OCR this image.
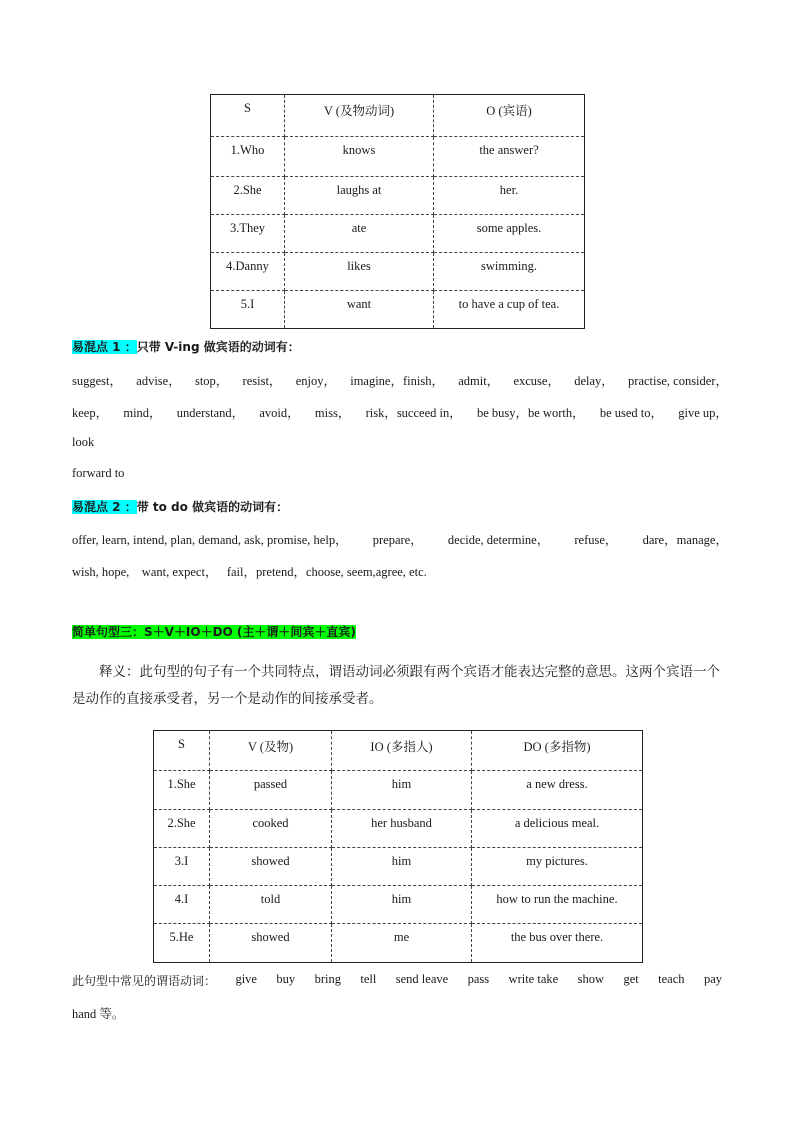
S	V (及物动词)	O (宾语)
1.Who	knows	the answer?
2.She	laughs at	her.
3.They	ate	some apples.
4.Danny	likes	swimming.
5.I	want	to have a cup of tea.
易混点 1 ：只带 V-ing 做宾语的动词有：
suggest， advise， stop， resist， enjoy， imagine，finish， admit， excuse， delay， practise, consider，
keep， mind， understand， avoid， miss， risk，succeed in， be busy，be worth， be used to， give up，
look
forward to
易混点 2 ：带 to do 做宾语的动词有：
offer, learn, intend, plan, demand, ask, promise, help， prepare， decide, determine， refuse， dare，manage，
wish, hope,    want, expect，   fail，pretend，choose, seem,agree, etc.
简单句型三：S＋V＋IO＋DO (主＋谓＋间宾＋直宾)
释义：此句型的句子有一个共同特点，谓语动词必须跟有两个宾语才能表达完整的意思。这两个宾语一个是动作的直接承受者，另一个是动作的间接承受者。
S	V (及物)	IO (多指人)	DO (多指物)
1.She	passed	him	a new dress.
2.She	cooked	her husband	a delicious meal.
3.I	showed	him	my pictures.
4.I	told	him	how to run the machine.
5.He	showed	me	the bus over there.
此句型中常见的谓语动词： give buy bring tell send leave pass write take show get teach pay
hand 等。
